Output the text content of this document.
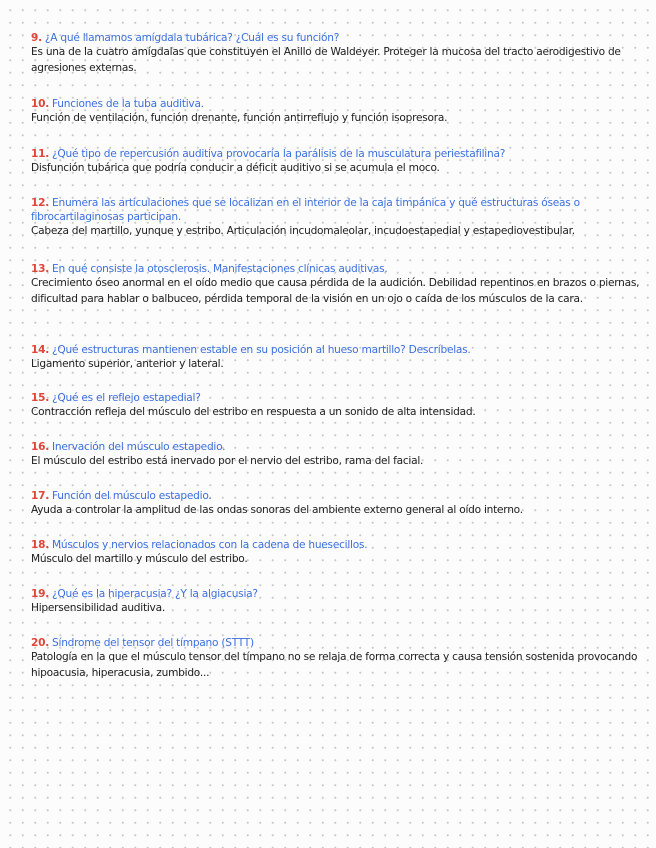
9. ¿A qué llamamos amígdala tubárica? ¿Cuál es su función?
Es una de la cuatro amígdalas que constituyen el Anillo de Waldeyer. Proteger la mucosa del tracto aerodigestivo de agresiones externas.
10. Funciones de la tuba auditiva.
Función de ventilación, función drenante, función antirreflujo y función isopresora.
11. ¿Qué tipo de repercusión auditiva provocaría la parálisis de la musculatura periestafilina?
Disfunción tubárica que podría conducir a déficit auditivo si se acumula el moco.
12. Enumera las articulaciones que se localizan en el interior de la caja timpánica y qué estructuras óseas o fibrocartilaginosas participan.
Cabeza del martillo, yunque y estribo. Articulación incudomaleolar, incudoestapedial y estapediovestibular.
13. En qué consiste la otosclerosis. Manifestaciones clínicas auditivas.
Crecimiento óseo anormal en el oído medio que causa pérdida de la audición. Debilidad repentinos en brazos o piernas, dificultad para hablar o balbuceo, pérdida temporal de la visión en un ojo o caída de los músculos de la cara.
14. ¿Qué estructuras mantienen estable en su posición al hueso martillo? Descríbelas.
Ligamento superior, anterior y lateral.
15. ¿Qué es el reflejo estapedial?
Contracción refleja del músculo del estribo en respuesta a un sonido de alta intensidad.
16. Inervación del músculo estapedio.
El músculo del estribo está inervado por el nervio del estribo, rama del facial.
17. Función del músculo estapedio.
Ayuda a controlar la amplitud de las ondas sonoras del ambiente externo general al oído interno.
18. Músculos y nervios relacionados con la cadena de huesecillos.
Músculo del martillo y músculo del estribo.
19. ¿Qué es la hiperacusia? ¿Y la algiacusia?
Hipersensibilidad auditiva.
20. Síndrome del tensor del tímpano (STTT)
Patología en la que el músculo tensor del tímpano no se relaja de forma correcta y causa tensión sostenida provocando hipoacusia, hiperacusia, zumbido...
